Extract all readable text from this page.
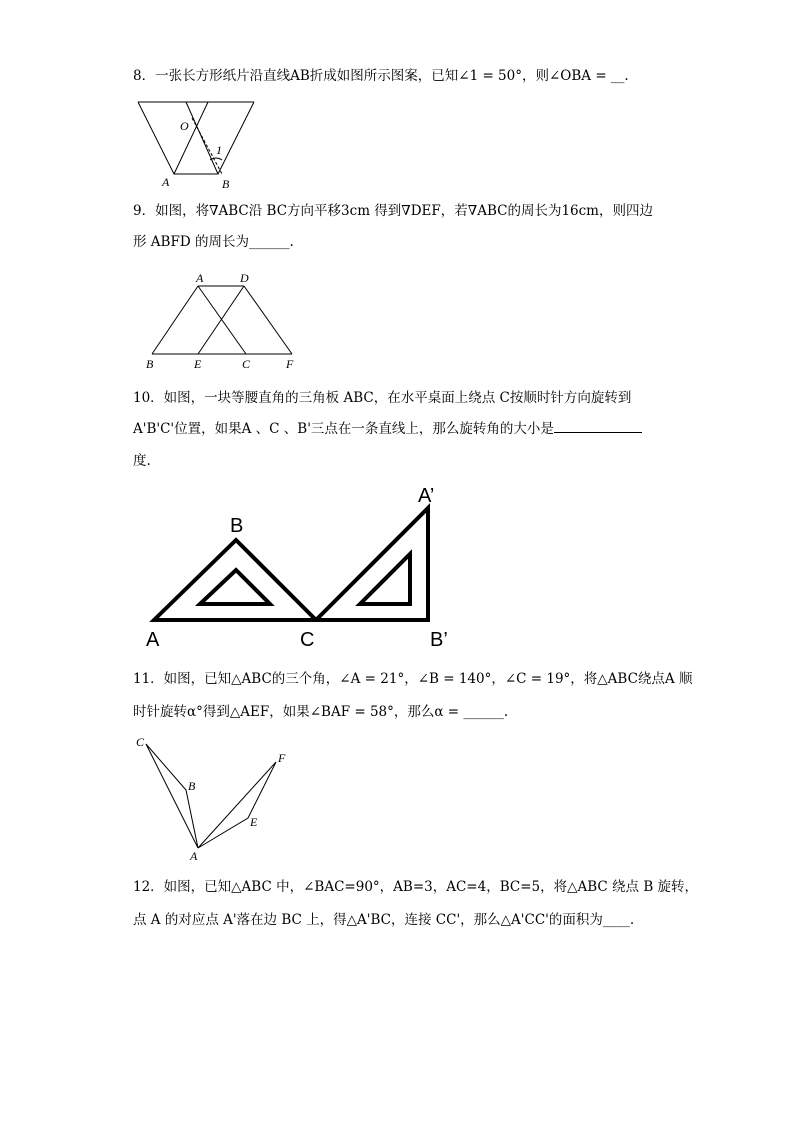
8．一张长方形纸片沿直线AB折成如图所示图案，已知∠1 = 50°，则∠OBA = __.
O
1
A	B
9．如图，将∇ABC沿 BC方向平移3cm 得到∇DEF，若∇ABC的周长为16cm，则四边
形 ABFD 的周长为______.
A	D
B	E	C	F
10．如图，一块等腰直角的三角板 ABC，在水平桌面上绕点 C按顺时针方向旋转到
A'B'C'位置，如果A 、C 、B'三点在一条直线上，那么旋转角的大小是
度.
B
A	C
A’
B’
11．如图，已知△ABC的三个角，∠A = 21°，∠B = 140°，∠C = 19°，将△ABC绕点A 顺
时针旋转α°得到△AEF，如果∠BAF = 58°，那么α = ______.
C
B
F
E
A
12．如图，已知△ABC 中，∠BAC=90°，AB=3，AC=4，BC=5，将△ABC 绕点 B 旋转，
点 A 的对应点 A'落在边 BC 上，得△A'BC，连接 CC'，那么△A'CC'的面积为____.
